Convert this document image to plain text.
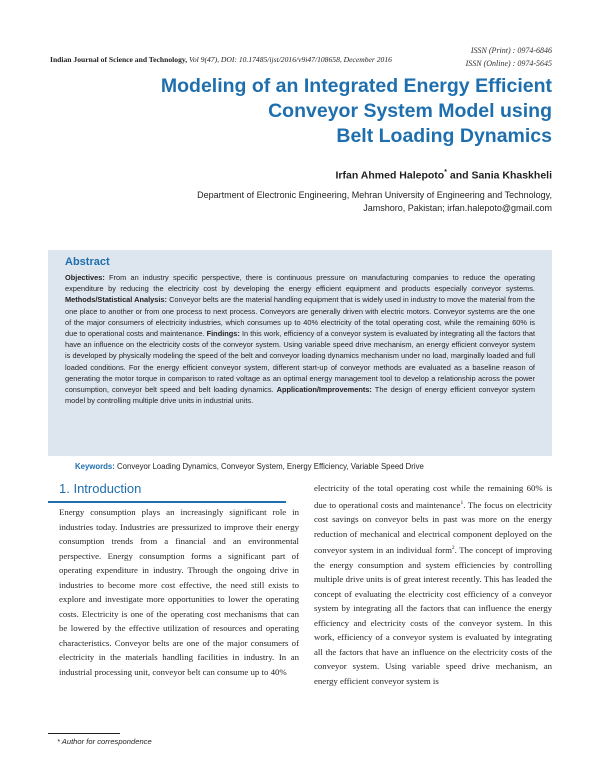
ISSN (Print) : 0974-6846
ISSN (Online) : 0974-5645
Indian Journal of Science and Technology, Vol 9(47), DOI: 10.17485/ijst/2016/v9i47/108658, December 2016
Modeling of an Integrated Energy Efficient
Conveyor System Model using
Belt Loading Dynamics
Irfan Ahmed Halepoto* and Sania Khaskheli
Department of Electronic Engineering, Mehran University of Engineering and Technology,
Jamshoro, Pakistan; irfan.halepoto@gmail.com
Abstract

Objectives: From an industry specific perspective, there is continuous pressure on manufacturing companies to reduce the operating expenditure by reducing the electricity cost by developing the energy efficient equipment and products especially conveyor systems. Methods/Statistical Analysis: Conveyor belts are the material handling equipment that is widely used in industry to move the material from the one place to another or from one process to next process. Conveyors are generally driven with electric motors. Conveyor systems are the one of the major consumers of electricity industries, which consumes up to 40% electricity of the total operating cost, while the remaining 60% is due to operational costs and maintenance. Findings: In this work, efficiency of a conveyor system is evaluated by integrating all the factors that have an influence on the electricity costs of the conveyor system. Using variable speed drive mechanism, an energy efficient conveyor system is developed by physically modeling the speed of the belt and conveyor loading dynamics mechanism under no load, marginally loaded and full loaded conditions. For the energy efficient conveyor system, different start-up of conveyor methods are evaluated as a baseline reason of generating the motor torque in comparison to rated voltage as an optimal energy management tool to develop a relationship across the power consumption, conveyor belt speed and belt loading dynamics. Application/Improvements: The design of energy efficient conveyor system model by controlling multiple drive units in industrial units.

Keywords: Conveyor Loading Dynamics, Conveyor System, Energy Efficiency, Variable Speed Drive
1. Introduction

Energy consumption plays an increasingly significant role in industries today. Industries are pressurized to improve their energy consumption trends from a financial and an environmental perspective. Energy consumption forms a significant part of operating expenditure in industry. Through the ongoing drive in industries to become more cost effective, the need still exists to explore and investigate more opportunities to lower the operating costs. Electricity is one of the operating cost mechanisms that can be lowered by the effective utilization of resources and operating characteristics. Conveyor belts are one of the major consumers of electricity in the materials handling facilities in industry. In an industrial processing unit, conveyor belt can consume up to 40%

electricity of the total operating cost while the remaining 60% is due to operational costs and maintenance$^1$. The focus on electricity cost savings on conveyor belts in past was more on the energy reduction of mechanical and electrical component deployed on the conveyor system in an individual form$^2$. The concept of improving the energy consumption and system efficiencies by controlling multiple drive units is of great interest recently. This has leaded the concept of evaluating the electricity cost efficiency of a conveyor system by integrating all the factors that can influence the energy efficiency and electricity costs of the conveyor system. In this work, efficiency of a conveyor system is evaluated by integrating all the factors that have an influence on the electricity costs of the conveyor system. Using variable speed drive mechanism, an energy efficient conveyor system is

* Author for correspondence
